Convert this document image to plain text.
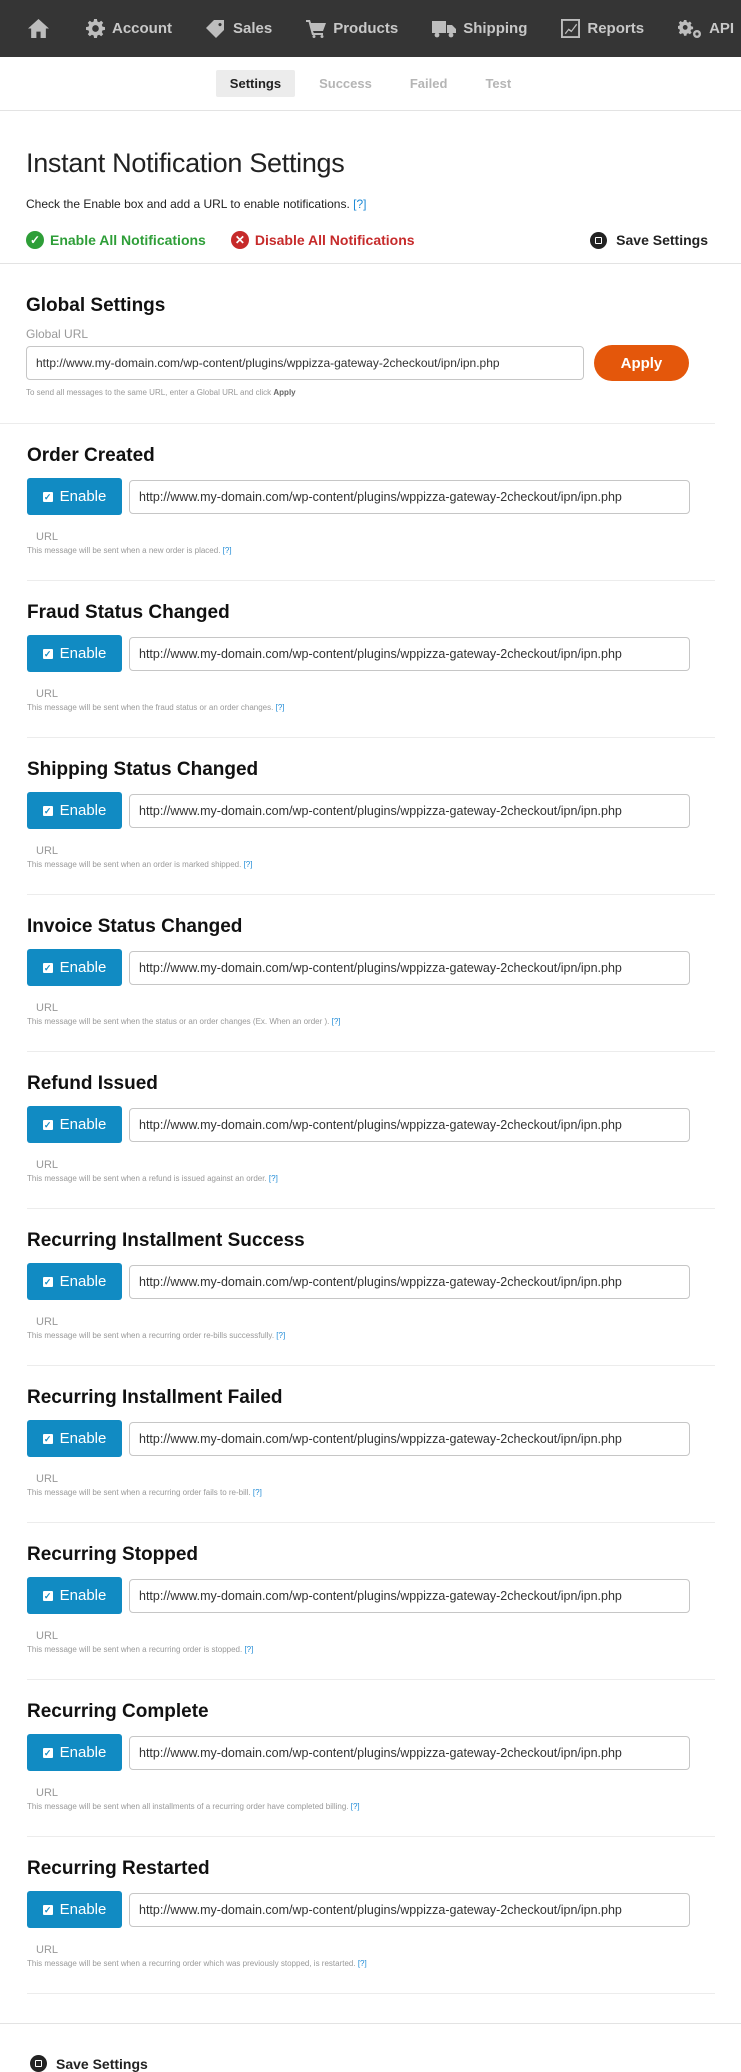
Account	Sales	Products	Shipping	Reports	API
Settings	Success	Failed	Test
Instant Notification Settings

Check the Enable box and add a URL to enable notifications. [?]

✓ Enable All Notifications	✕ Disable All Notifications	Save Settings
Global Settings
Global URL
http://www.my-domain.com/wp-content/plugins/wppizza-gateway-2checkout/ipn/ipn.php	Apply
To send all messages to the same URL, enter a Global URL and click Apply
Order Created
✓ Enable	http://www.my-domain.com/wp-content/plugins/wppizza-gateway-2checkout/ipn/ipn.php
URL
This message will be sent when a new order is placed. [?]
Fraud Status Changed
✓ Enable	http://www.my-domain.com/wp-content/plugins/wppizza-gateway-2checkout/ipn/ipn.php
URL
This message will be sent when the fraud status or an order changes. [?]
Shipping Status Changed
✓ Enable	http://www.my-domain.com/wp-content/plugins/wppizza-gateway-2checkout/ipn/ipn.php
URL
This message will be sent when an order is marked shipped. [?]
Invoice Status Changed
✓ Enable	http://www.my-domain.com/wp-content/plugins/wppizza-gateway-2checkout/ipn/ipn.php
URL
This message will be sent when the status or an order changes (Ex. When an order ). [?]
Refund Issued
✓ Enable	http://www.my-domain.com/wp-content/plugins/wppizza-gateway-2checkout/ipn/ipn.php
URL
This message will be sent when a refund is issued against an order. [?]
Recurring Installment Success
✓ Enable	http://www.my-domain.com/wp-content/plugins/wppizza-gateway-2checkout/ipn/ipn.php
URL
This message will be sent when a recurring order re-bills successfully. [?]
Recurring Installment Failed
✓ Enable	http://www.my-domain.com/wp-content/plugins/wppizza-gateway-2checkout/ipn/ipn.php
URL
This message will be sent when a recurring order fails to re-bill. [?]
Recurring Stopped
✓ Enable	http://www.my-domain.com/wp-content/plugins/wppizza-gateway-2checkout/ipn/ipn.php
URL
This message will be sent when a recurring order is stopped. [?]
Recurring Complete
✓ Enable	http://www.my-domain.com/wp-content/plugins/wppizza-gateway-2checkout/ipn/ipn.php
URL
This message will be sent when all installments of a recurring order have completed billing. [?]
Recurring Restarted
✓ Enable	http://www.my-domain.com/wp-content/plugins/wppizza-gateway-2checkout/ipn/ipn.php
URL
This message will be sent when a recurring order which was previously stopped, is restarted. [?]
Save Settings
